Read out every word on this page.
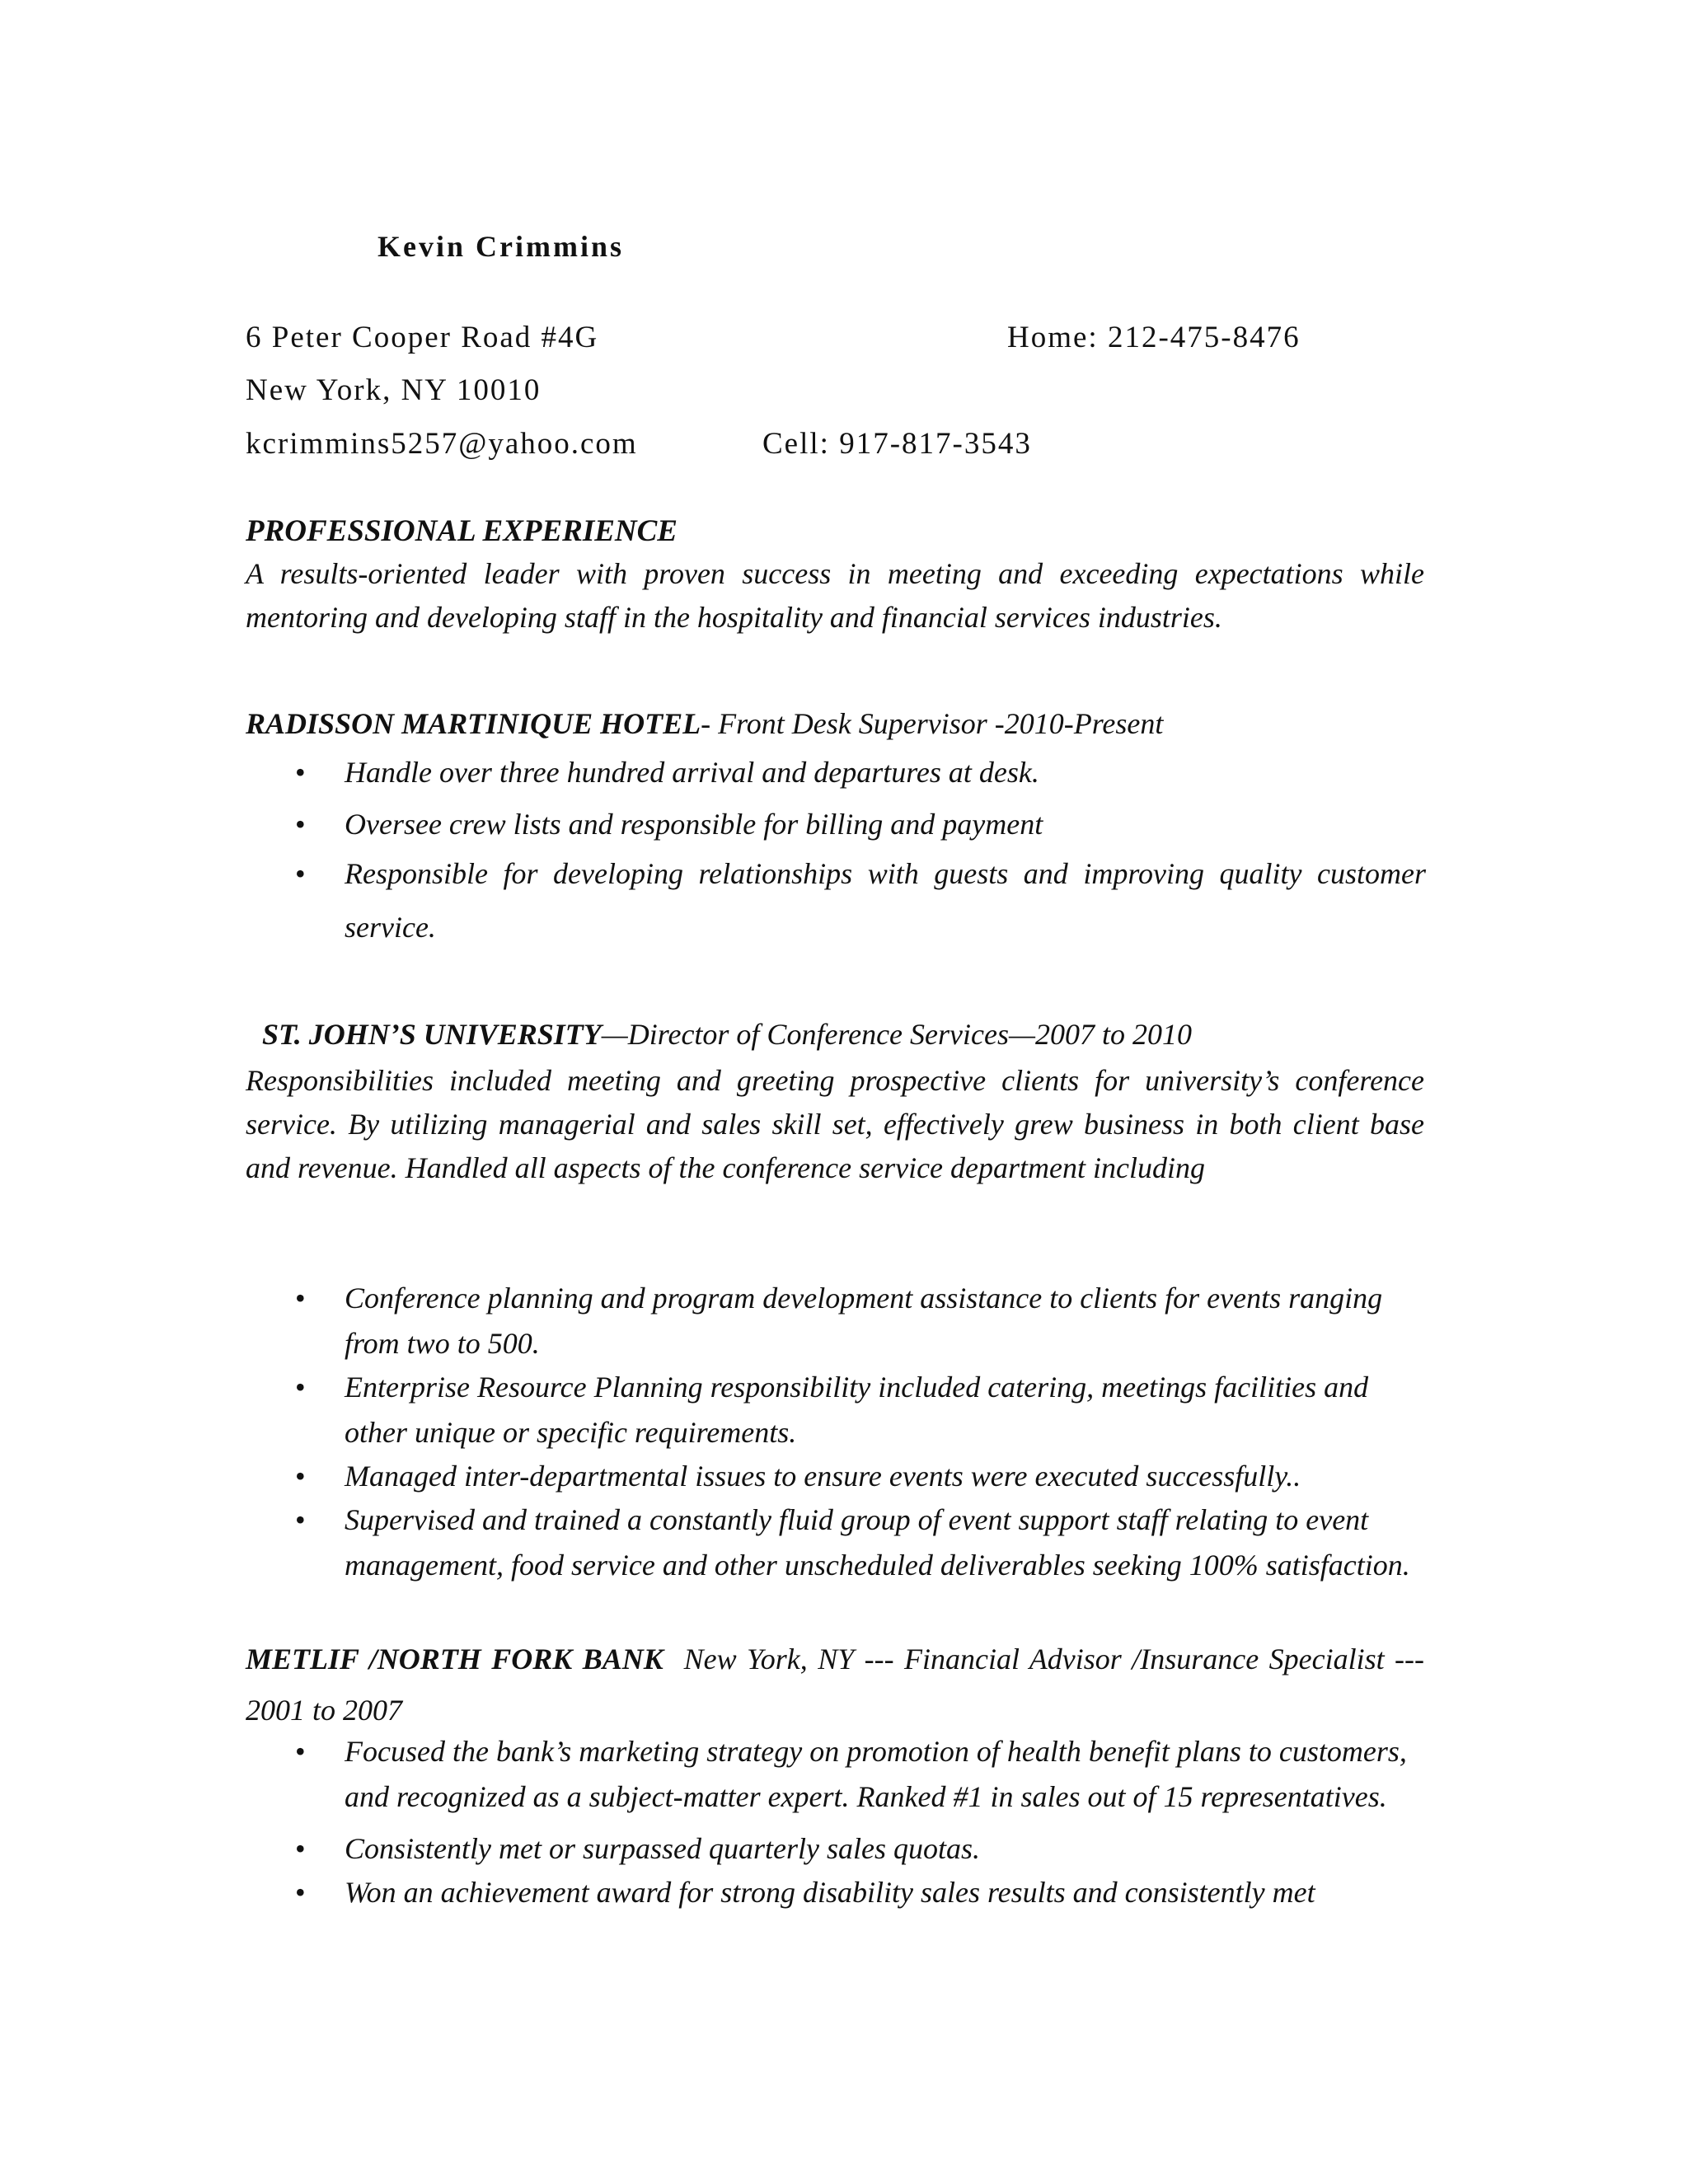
Kevin Crimmins
6 Peter Cooper Road #4G	Home: 212-475-8476
New York, NY 10010
kcrimmins5257@yahoo.com	Cell: 917-817-3543
PROFESSIONAL EXPERIENCE
A results-oriented leader with proven success in meeting and exceeding expectations while mentoring and developing staff in the hospitality and financial services industries.
RADISSON MARTINIQUE HOTEL- Front Desk Supervisor -2010-Present
• Handle over three hundred arrival and departures at desk.
• Oversee crew lists and responsible for billing and payment
• Responsible for developing relationships with guests and improving quality customer service.
ST. JOHN’S UNIVERSITY—Director of Conference Services—2007 to 2010
Responsibilities included meeting and greeting prospective clients for university’s conference service. By utilizing managerial and sales skill set, effectively grew business in both client base and revenue. Handled all aspects of the conference service department including
• Conference planning and program development assistance to clients for events ranging from two to 500.
• Enterprise Resource Planning responsibility included catering, meetings facilities and other unique or specific requirements.
• Managed inter-departmental issues to ensure events were executed successfully..
• Supervised and trained a constantly fluid group of event support staff relating to event management, food service and other unscheduled deliverables seeking 100% satisfaction.
METLIF /NORTH FORK BANK New York, NY --- Financial Advisor /Insurance Specialist --- 2001 to 2007
• Focused the bank’s marketing strategy on promotion of health benefit plans to customers, and recognized as a subject-matter expert. Ranked #1 in sales out of 15 representatives.
• Consistently met or surpassed quarterly sales quotas.
• Won an achievement award for strong disability sales results and consistently met
